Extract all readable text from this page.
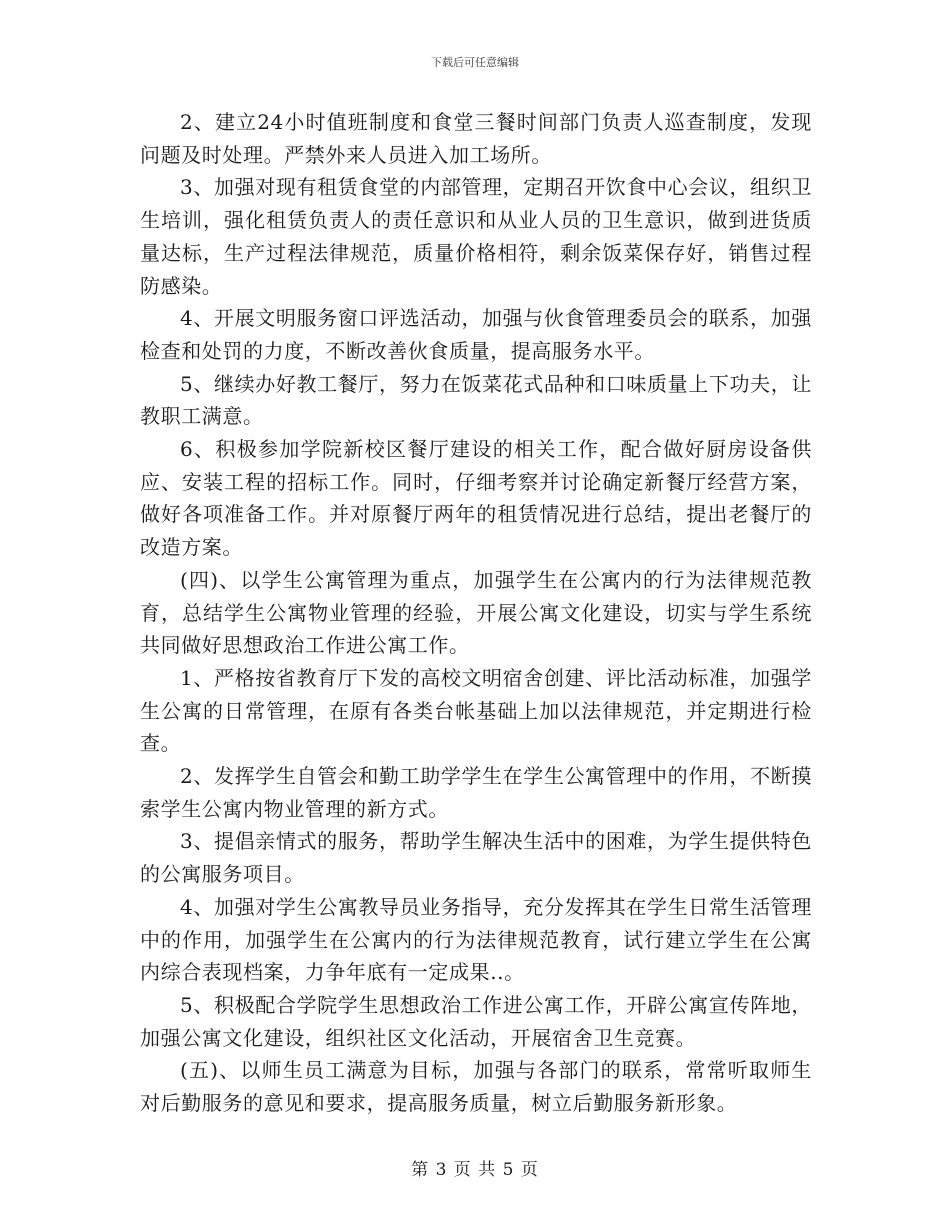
下载后可任意编辑

2、建立24小时值班制度和食堂三餐时间部门负责人巡查制度，发现问题及时处理。严禁外来人员进入加工场所。

3、加强对现有租赁食堂的内部管理，定期召开饮食中心会议，组织卫生培训，强化租赁负责人的责任意识和从业人员的卫生意识，做到进货质量达标，生产过程法律规范，质量价格相符，剩余饭菜保存好，销售过程防感染。

4、开展文明服务窗口评选活动，加强与伙食管理委员会的联系，加强检查和处罚的力度，不断改善伙食质量，提高服务水平。

5、继续办好教工餐厅，努力在饭菜花式品种和口味质量上下功夫，让教职工满意。

6、积极参加学院新校区餐厅建设的相关工作，配合做好厨房设备供应、安装工程的招标工作。同时，仔细考察并讨论确定新餐厅经营方案，做好各项准备工作。并对原餐厅两年的租赁情况进行总结，提出老餐厅的改造方案。

(四)、以学生公寓管理为重点，加强学生在公寓内的行为法律规范教育，总结学生公寓物业管理的经验，开展公寓文化建设，切实与学生系统共同做好思想政治工作进公寓工作。

1、严格按省教育厅下发的高校文明宿舍创建、评比活动标准，加强学生公寓的日常管理，在原有各类台帐基础上加以法律规范，并定期进行检查。

2、发挥学生自管会和勤工助学学生在学生公寓管理中的作用，不断摸索学生公寓内物业管理的新方式。

3、提倡亲情式的服务，帮助学生解决生活中的困难，为学生提供特色的公寓服务项目。

4、加强对学生公寓教导员业务指导，充分发挥其在学生日常生活管理中的作用，加强学生在公寓内的行为法律规范教育，试行建立学生在公寓内综合表现档案，力争年底有一定成果..。

5、积极配合学院学生思想政治工作进公寓工作，开辟公寓宣传阵地，加强公寓文化建设，组织社区文化活动，开展宿舍卫生竞赛。

(五)、以师生员工满意为目标，加强与各部门的联系，常常听取师生对后勤服务的意见和要求，提高服务质量，树立后勤服务新形象。

第 3 页 共 5 页
